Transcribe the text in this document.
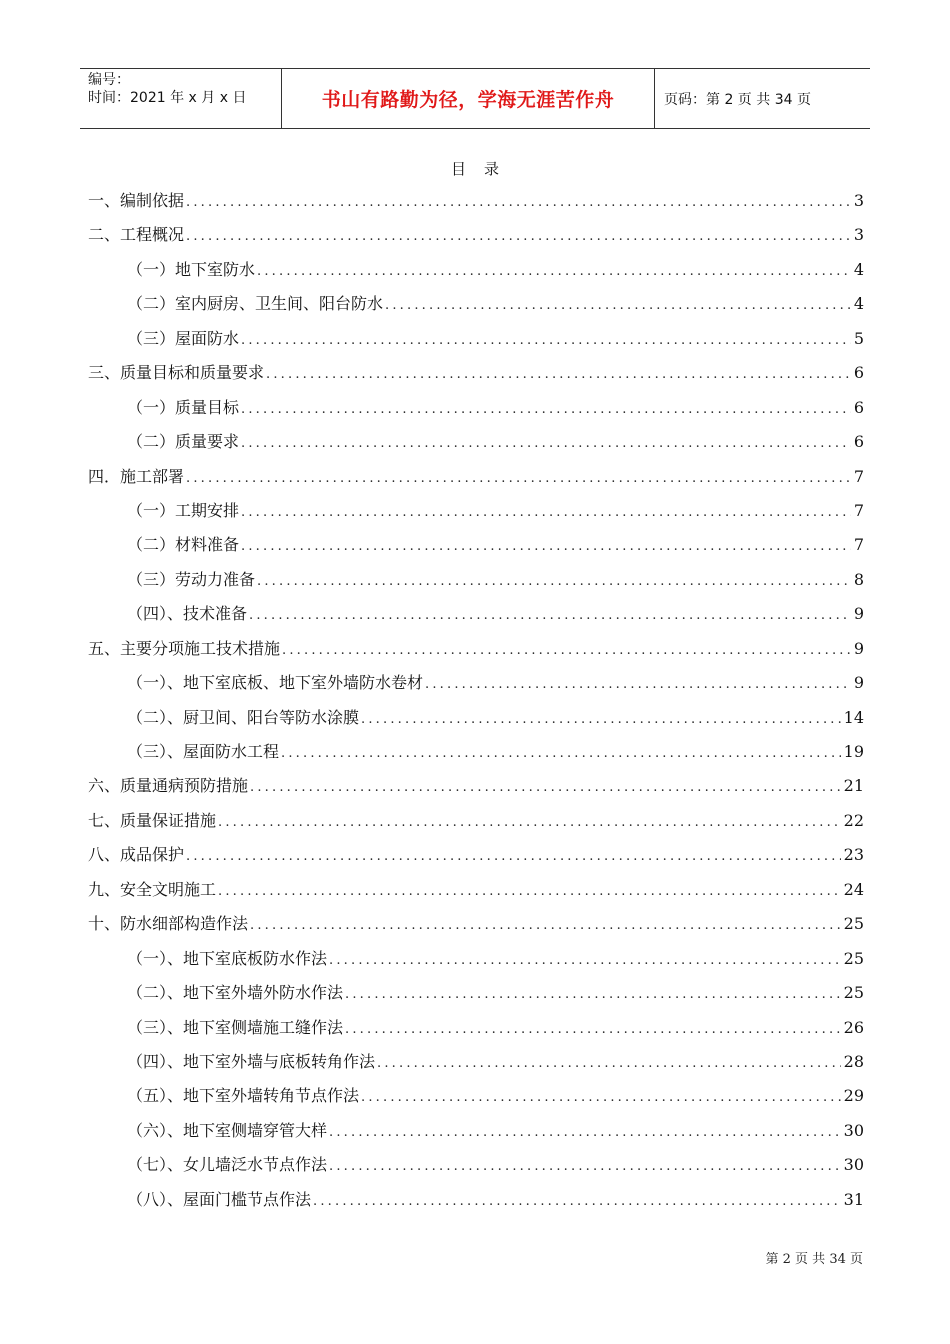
编号：
时间：2021 年 x 月 x 日	书山有路勤为径，学海无涯苦作舟	页码：第 2 页 共 34 页
目录
一、编制依据 .....	3
二、工程概况 .....	3
（一）地下室防水 .....	4
（二）室内厨房、卫生间、阳台防水 .....	4
（三）屋面防水 .....	5
三、质量目标和质量要求 .....	6
（一）质量目标 .....	6
（二）质量要求 .....	6
四．施工部署 .....	7
（一）工期安排 .....	7
（二）材料准备 .....	7
（三）劳动力准备 .....	8
（四）、技术准备 .....	9
五、主要分项施工技术措施 .....	9
（一）、地下室底板、地下室外墙防水卷材 .....	9
（二）、厨卫间、阳台等防水涂膜 .....	14
（三）、屋面防水工程 .....	19
六、质量通病预防措施 .....	21
七、质量保证措施 .....	22
八、成品保护 .....	23
九、安全文明施工 .....	24
十、防水细部构造作法 .....	25
（一）、地下室底板防水作法 .....	25
（二）、地下室外墙外防水作法 .....	25
（三）、地下室侧墙施工缝作法 .....	26
（四）、地下室外墙与底板转角作法 .....	28
（五）、地下室外墙转角节点作法 .....	29
（六）、地下室侧墙穿管大样 .....	30
（七）、女儿墙泛水节点作法 .....	30
（八）、屋面门槛节点作法 .....	31
第 2 页 共 34 页
